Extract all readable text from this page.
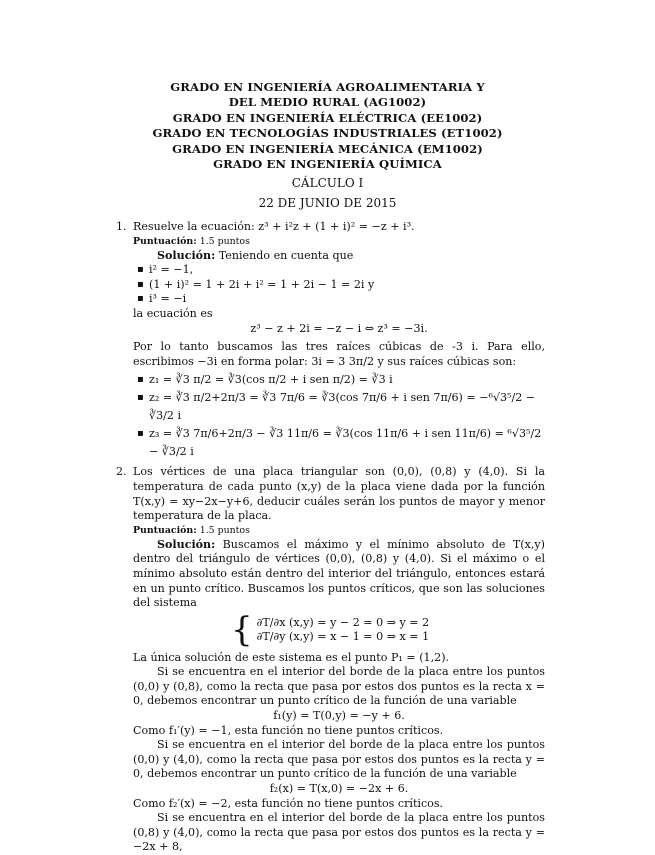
GRADO EN INGENIERÍA AGROALIMENTARIA Y
DEL MEDIO RURAL (AG1002)
GRADO EN INGENIERÍA ELÉCTRICA (EE1002)
GRADO EN TECNOLOGÍAS INDUSTRIALES (ET1002)
GRADO EN INGENIERÍA MECÁNICA (EM1002)
GRADO EN INGENIERÍA QUÍMICA
CÁLCULO I
22 DE JUNIO DE 2015
1. Resuelve la ecuación: z³ + i²z + (1 + i)² = −z + i³.

Puntuación: 1.5 puntos

Solución: Teniendo en cuenta que

▪ i² = −1,
▪ (1 + i)² = 1 + 2i + i² = 1 + 2i − 1 = 2i y
▪ i³ = −i

la ecuación es

z³ − z + 2i = −z − i ⇔ z³ = −3i.

Por lo tanto buscamos las tres raíces cúbicas de -3 i. Para ello, escribimos −3i en forma polar: 3i = 3 3π/2 y sus raíces cúbicas son:

▪ z₁ = ∛3 π/2 = ∛3(cos π/2 + i sen π/2) = ∛3 i
▪ z₂ = ∛3 π/2+2π/3 = ∛3 7π/6 = ∛3(cos 7π/6 + i sen 7π/6) = −⁶√3⁵/2 − ∛3/2 i
▪ z₃ = ∛3 7π/6+2π/3 − ∛3 11π/6 = ∛3(cos 11π/6 + i sen 11π/6) = ⁶√3⁵/2 − ∛3/2 i
2. Los vértices de una placa triangular son (0,0), (0,8) y (4,0). Si la temperatura de cada punto (x,y) de la placa viene dada por la función T(x,y) = xy−2x−y+6, deducir cuáles serán los puntos de mayor y menor temperatura de la placa.

Puntuación: 1.5 puntos

Solución: Buscamos el máximo y el mínimo absoluto de T(x,y) dentro del triángulo de vértices (0,0), (0,8) y (4,0). Si el máximo o el mínimo absoluto están dentro del interior del triángulo, entonces estará en un punto crítico. Buscamos los puntos críticos, que son las soluciones del sistema

{ ∂T/∂x (x,y) = y − 2 = 0 ⇒ y = 2
∂T/∂y (x,y) = x − 1 = 0 ⇒ x = 1

La única solución de este sistema es el punto P₁ = (1,2).

Si se encuentra en el interior del borde de la placa entre los puntos (0,0) y (0,8), como la recta que pasa por estos dos puntos es la recta x = 0, debemos encontrar un punto crítico de la función de una variable

f₁(y) = T(0,y) = −y + 6.

Como f₁′(y) = −1, esta función no tiene puntos críticos.

Si se encuentra en el interior del borde de la placa entre los puntos (0,0) y (4,0), como la recta que pasa por estos dos puntos es la recta y = 0, debemos encontrar un punto crítico de la función de una variable

f₂(x) = T(x,0) = −2x + 6.

Como f₂′(x) = −2, esta función no tiene puntos críticos.

Si se encuentra en el interior del borde de la placa entre los puntos (0,8) y (4,0), como la recta que pasa por estos dos puntos es la recta y = −2x + 8,
